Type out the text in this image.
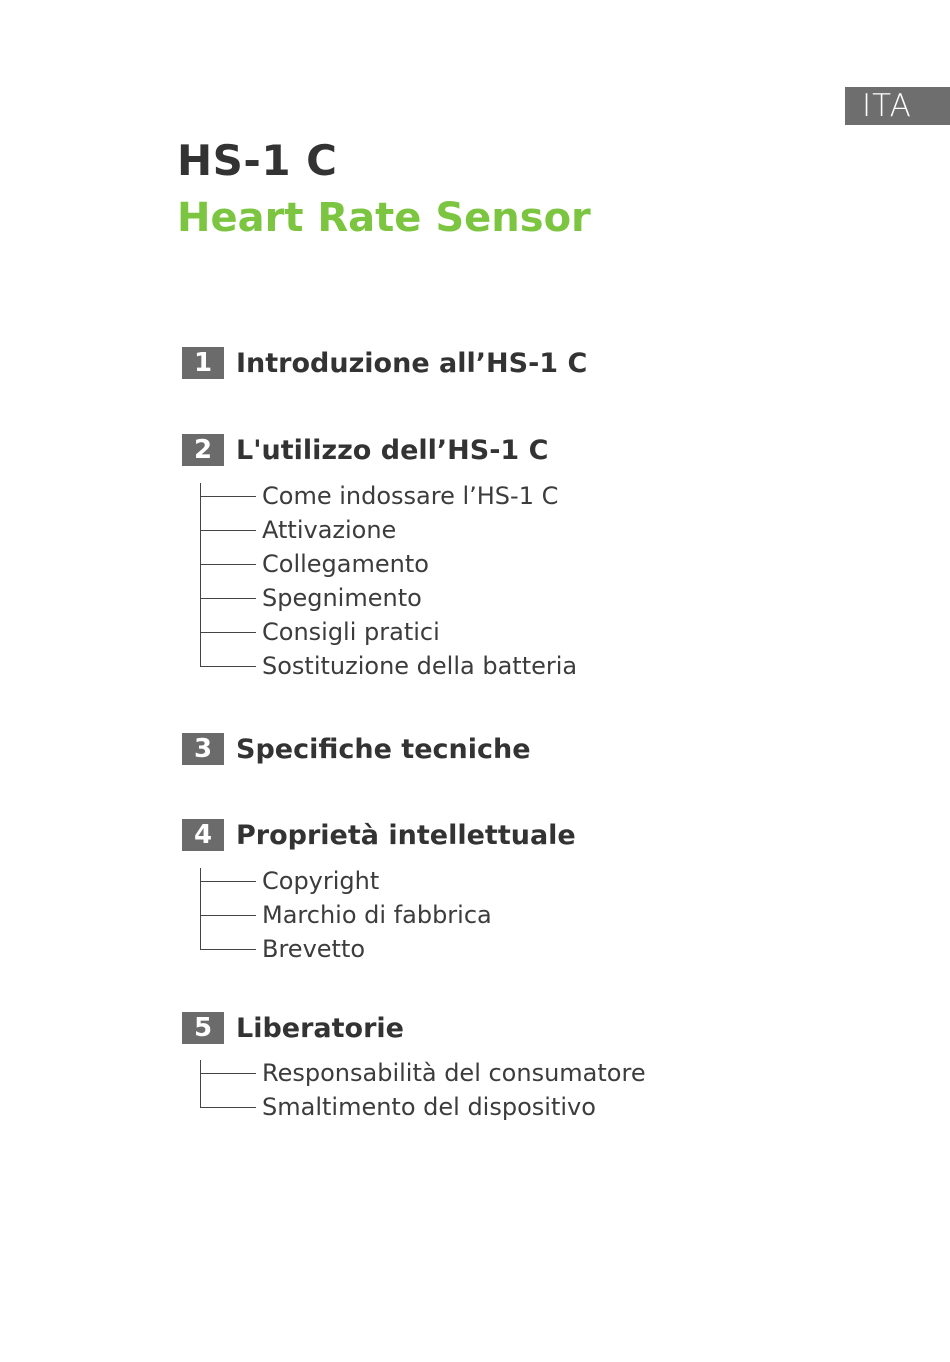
ITA
HS-1 C
Heart Rate Sensor
1 Introduzione all’HS-1 C
2 L'utilizzo dell’HS-1 C
Come indossare l’HS-1 C
Attivazione
Collegamento
Spegnimento
Consigli pratici
Sostituzione della batteria
3 Specifiche tecniche
4 Proprietà intellettuale
Copyright
Marchio di fabbrica
Brevetto
5 Liberatorie
Responsabilità del consumatore
Smaltimento del dispositivo
